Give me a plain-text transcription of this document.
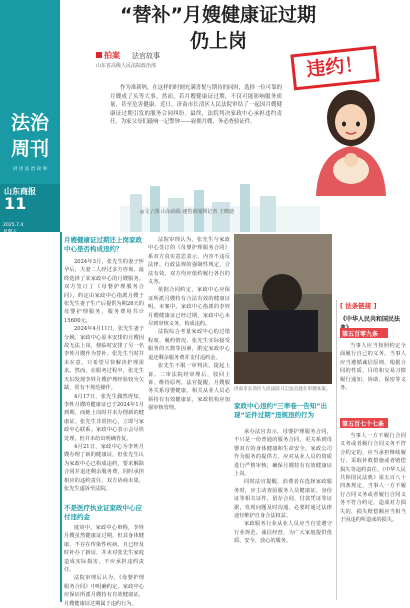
法治
周刊
讲 述 法 治 故 事
山东商报
11
“替补”月嫂健康证过期
仍上岗
违约！
拍案 法官故事
山东省高级人民法院政治部

作为准新妈，在这样的时刻充满喜悦与期待的同时，选择一位可靠的月嫂成了头等大事。然而，若月嫂健康证过期，不仅可能影响服务质量，甚至危害健康。近日，济南市长清区人民法院审结了一起因月嫂健康证过期引发的服务合同纠纷。最终，法院判决家政中心承担违约责任，为家父母们敲响一记警钟——雇佣月嫂，务必查验证件。

◎文 / 图 山东商报·速豹新闻网记者 王晓迪
2025.7.4
星期五
编辑 / 李晓燕
设计 / 胡金洋
月嫂健康证过期还上岗家政中心是否构成违约？

2024年3月，张先生的妻子怀孕后，夫妻二人经过多方咨询，最终选择了某家政中心的月嫂服务。双方签订了《母婴护理服务合同》，约定由家政中心指派月嫂于张先生妻子生产后提供为期26天的母婴护理服务，服务费用共计15600元。

2024年4月11日，张先生妻子分娩。家政中心原本安排的月嫂因故无法上岗，便临时安排了另一名李姓月嫂作为替补。张先生当时并未在意，只希望尽快解决护理需求。然而，在服务过程中，张先生夫妇发现李姓月嫂护理经验较为欠缺，常有不规范操作。

4月17日，张先生偶然得知，李姓月嫂的健康证已于2024年1月到期，而她上岗时并未办理新的健康证。张先生非常担心，立即与家政中心联系。家政中心表示会尽快处理，但并未给出明确答复。

4月21日，家政中心为李姓月嫂办理了新的健康证，但张先生认为家政中心已构成违约，要求解除合同并退还剩余服务费，同时承担相应的违约责任。双方协商未果，张先生遂诉至法院。

不是医疗执业证家政中心应付违约金

庭审中，家政中心辩称，李姓月嫂虽然健康证过期，但其身体健康，不存在传染性疾病，且已经及时补办了新证，并未对张先生家庭造成实际损害，不应承担违约责任。

法院审理后认为，《母婴护理服务合同》中明确约定，家政中心应保证所派月嫂持有有效健康证，月嫂健康证过期属于违约行为。

法院审理认为，张先生与家政中心签订的《母婴护理服务合同》系双方真实意思表示，内容不违反法律、行政法规的强制性规定，合法有效，双方均应依约履行各自的义务。

依据合同约定，家政中心应保证所派月嫂持有合法有效的健康证明。本案中，家政中心指派的李姓月嫂健康证已经过期，家政中心未尽到审核义务，构成违约。

法院综合考量家政中心的过错程度、履约情况、张先生实际接受服务的天数等因素，酌定家政中心退还剩余服务费并支付违约金。

张先生不服一审判决，提起上诉。二审法院经审理后，驳回上诉，维持原判。法官提醒，月嫂服务关系母婴健康，相关从业人员必须持有有效健康证，家政机构应加强审核管理。

济南市长清区人民法院马尘法官庭在审理本案。
家政中心违约“三率卷一告知”出现“证件过期”违规违约行为

承办法官表示，母婴护理服务合同，不只是一份普通的服务合同，更关系到母婴双方的身体健康和生命安全。家政公司作为服务的提供方，应对从业人员的资质进行严格审核，确保月嫂持有有效健康证上岗。

同时法官提醒，消费者在选择家政服务时，应主动查验服务人员健康证、身份证等相关证件，留存合同、付款凭证等证据，发现问题及时沟通，必要时通过法律途径维护自身合法权益。

家政服务行业从业人员应当自觉遵守行业规范，诚信经营，为广大家庭提供优质、安全、放心的服务。

[ 法条链接 ]
《中华人民共和国民法
第五百零九条

当事人应当按照约定全面履行自己的义务。当事人应当遵循诚信原则，根据合同的性质、目的和交易习惯履行通知、协助、保密等义务。

第五百七十七条

当事人一方不履行合同义务或者履行合同义务不符合约定的，应当承担继续履行、采取补救措施或者赔偿损失等违约责任。《中华人民共和国民法典》第五百八十四条规定，当事人一方不履行合同义务或者履行合同义务不符合约定，造成对方损失的，损失赔偿额应当相当于因违约所造成的损失。
